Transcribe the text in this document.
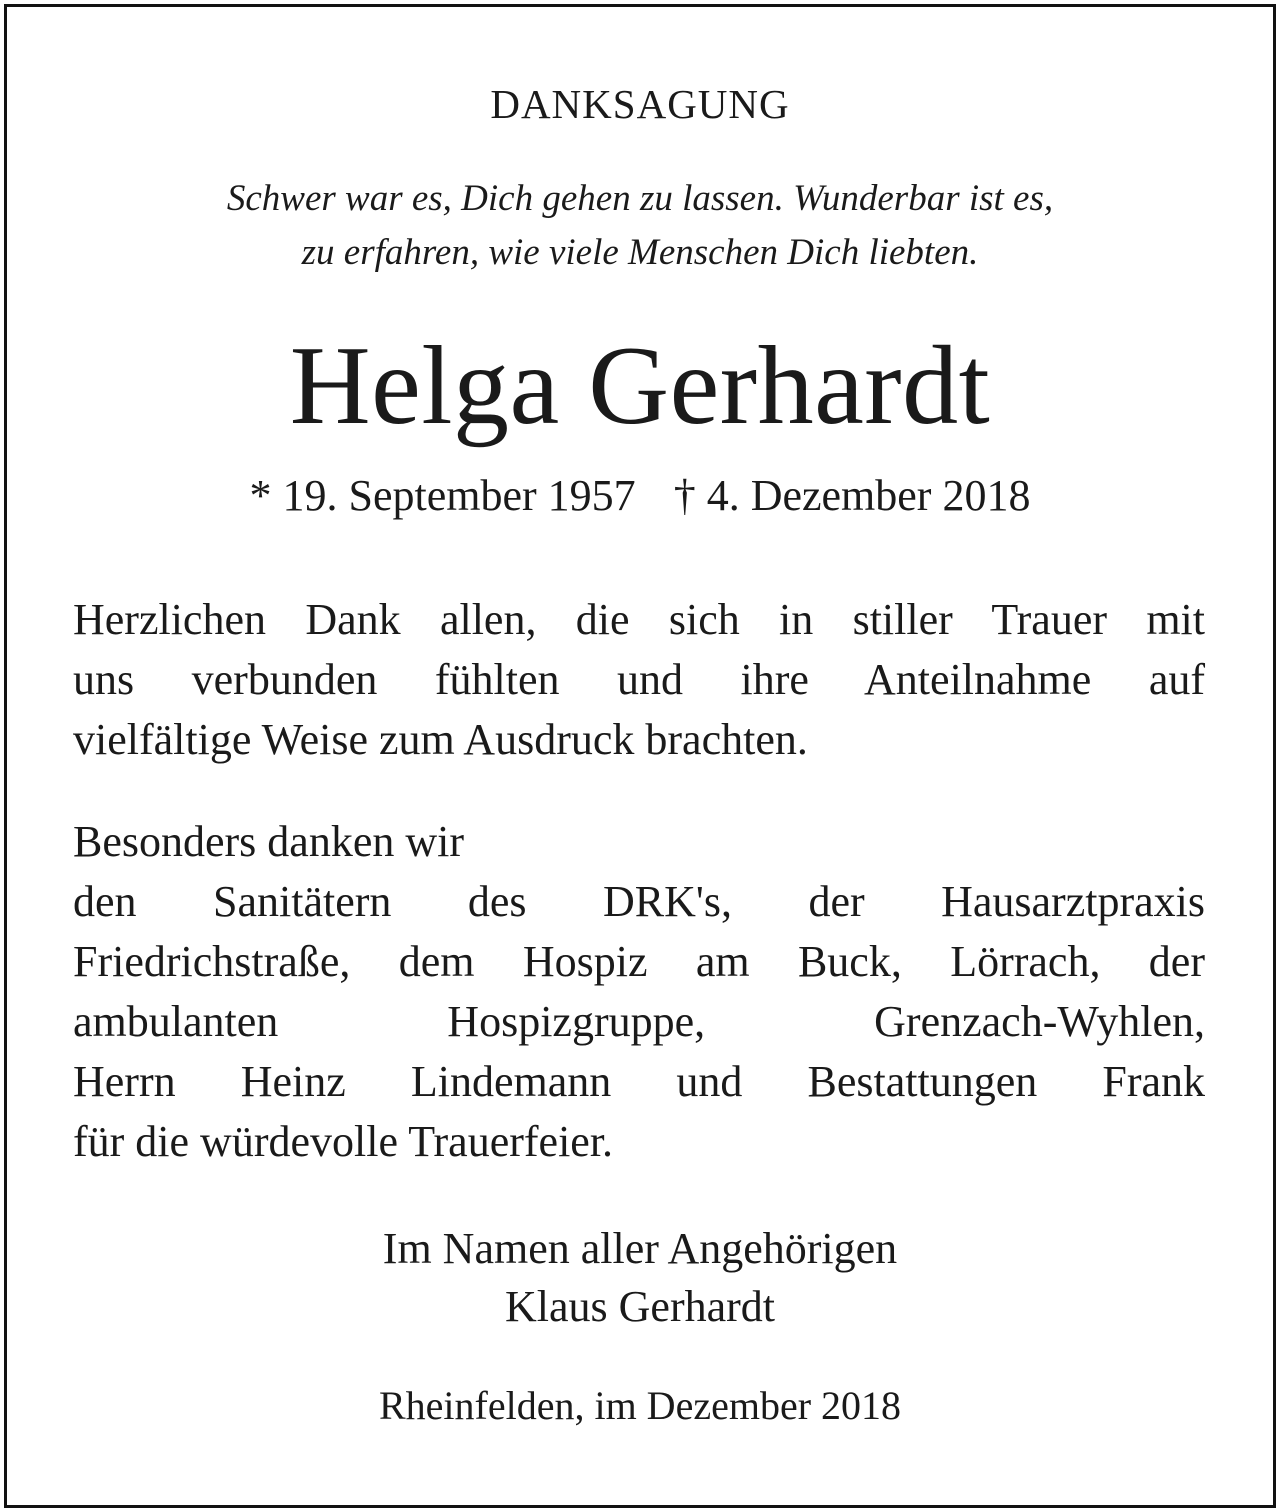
DANKSAGUNG
Schwer war es, Dich gehen zu lassen. Wunderbar ist es,
zu erfahren, wie viele Menschen Dich liebten.
Helga Gerhardt
* 19. September 1957 † 4. Dezember 2018
Herzlichen Dank allen, die sich in stiller Trauer mit
uns verbunden fühlten und ihre Anteilnahme auf
vielfältige Weise zum Ausdruck brachten.
Besonders danken wir
den Sanitätern des DRK's, der Hausarztpraxis
Friedrichstraße, dem Hospiz am Buck, Lörrach, der
ambulanten Hospizgruppe, Grenzach-Wyhlen,
Herrn Heinz Lindemann und Bestattungen Frank
für die würdevolle Trauerfeier.
Im Namen aller Angehörigen
Klaus Gerhardt
Rheinfelden, im Dezember 2018
